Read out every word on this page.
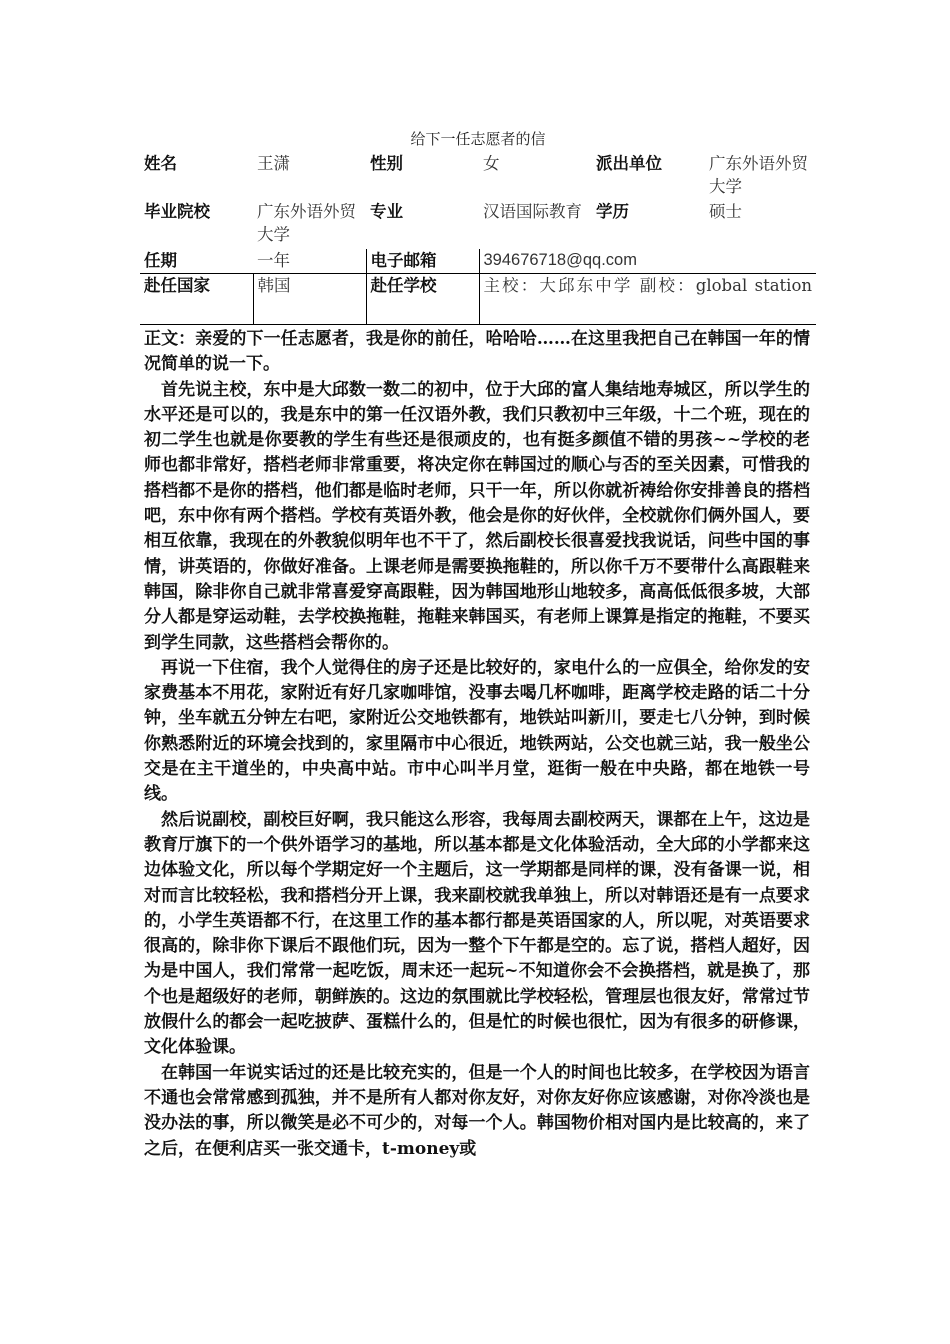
给下一任志愿者的信
姓名	王潇	性别	女	派出单位	广东外语外贸大学
毕业院校	广东外语外贸大学	专业	汉语国际教育	学历	硕士
任期	一年	电子邮箱	394676718@qq.com		
赴任国家	韩国	赴任学校	主校：大邱东中学 副校：global station		

正文：亲爱的下一任志愿者，我是你的前任，哈哈哈……在这里我把自己在韩国一年的情况简单的说一下。

首先说主校，东中是大邱数一数二的初中，位于大邱的富人集结地寿城区，所以学生的水平还是可以的，我是东中的第一任汉语外教，我们只教初中三年级，十二个班，现在的初二学生也就是你要教的学生有些还是很顽皮的，也有挺多颜值不错的男孩~~学校的老师也都非常好，搭档老师非常重要，将决定你在韩国过的顺心与否的至关因素，可惜我的搭档都不是你的搭档，他们都是临时老师，只干一年，所以你就祈祷给你安排善良的搭档吧，东中你有两个搭档。学校有英语外教，他会是你的好伙伴，全校就你们俩外国人，要相互依靠，我现在的外教貌似明年也不干了，然后副校长很喜爱找我说话，问些中国的事情，讲英语的，你做好准备。上课老师是需要换拖鞋的，所以你千万不要带什么高跟鞋来韩国，除非你自己就非常喜爱穿高跟鞋，因为韩国地形山地较多，高高低低很多坡，大部分人都是穿运动鞋，去学校换拖鞋，拖鞋来韩国买，有老师上课算是指定的拖鞋，不要买到学生同款，这些搭档会帮你的。

再说一下住宿，我个人觉得住的房子还是比较好的，家电什么的一应俱全，给你发的安家费基本不用花，家附近有好几家咖啡馆，没事去喝几杯咖啡，距离学校走路的话二十分钟，坐车就五分钟左右吧，家附近公交地铁都有，地铁站叫新川，要走七八分钟，到时候你熟悉附近的环境会找到的，家里隔市中心很近，地铁两站，公交也就三站，我一般坐公交是在主干道坐的，中央高中站。市中心叫半月堂，逛街一般在中央路，都在地铁一号线。

然后说副校，副校巨好啊，我只能这么形容，我每周去副校两天，课都在上午，这边是教育厅旗下的一个供外语学习的基地，所以基本都是文化体验活动，全大邱的小学都来这边体验文化，所以每个学期定好一个主题后，这一学期都是同样的课，没有备课一说，相对而言比较轻松，我和搭档分开上课，我来副校就我单独上，所以对韩语还是有一点要求的，小学生英语都不行，在这里工作的基本都行都是英语国家的人，所以呢，对英语要求很高的，除非你下课后不跟他们玩，因为一整个下午都是空的。忘了说，搭档人超好，因为是中国人，我们常常一起吃饭，周末还一起玩~不知道你会不会换搭档，就是换了，那个也是超级好的老师，朝鲜族的。这边的氛围就比学校轻松，管理层也很友好，常常过节放假什么的都会一起吃披萨、蛋糕什么的，但是忙的时候也很忙，因为有很多的研修课，文化体验课。

在韩国一年说实话过的还是比较充实的，但是一个人的时间也比较多，在学校因为语言不通也会常常感到孤独，并不是所有人都对你友好，对你友好你应该感谢，对你冷淡也是没办法的事，所以微笑是必不可少的，对每一个人。韩国物价相对国内是比较高的，来了之后，在便利店买一张交通卡，t-money或
